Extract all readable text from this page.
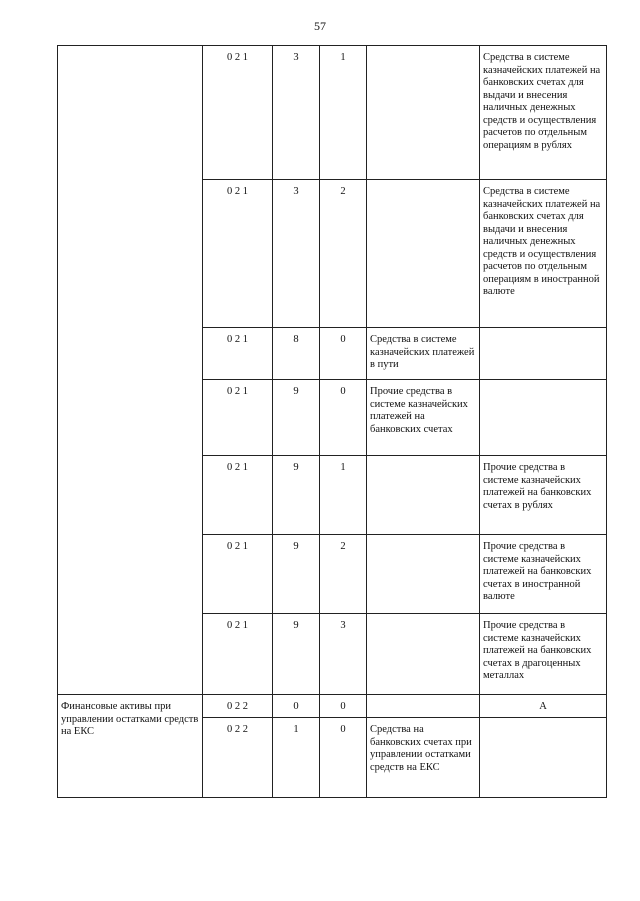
57
	0 2 1	3	1		Средства в системе казначейских платежей на банковских счетах для выдачи и внесения наличных денежных средств и осуществления расчетов по отдельным операциям в рублях
	0 2 1	3	2		Средства в системе казначейских платежей на банковских счетах для выдачи и внесения наличных денежных средств и осуществления расчетов по отдельным операциям в иностранной валюте
	0 2 1	8	0	Средства в системе казначейских платежей в пути	
	0 2 1	9	0	Прочие средства в системе казначейских платежей на банковских счетах	
	0 2 1	9	1		Прочие средства в системе казначейских платежей на банковских счетах в рублях
	0 2 1	9	2		Прочие средства в системе казначейских платежей на банковских счетах в иностранной валюте
	0 2 1	9	3		Прочие средства в системе казначейских платежей на банковских счетах в драгоценных металлах
Финансовые активы при управлении остатками средств на ЕКС	0 2 2	0	0		А
	0 2 2	1	0	Средства на банковских счетах при управлении остатками средств на ЕКС	
